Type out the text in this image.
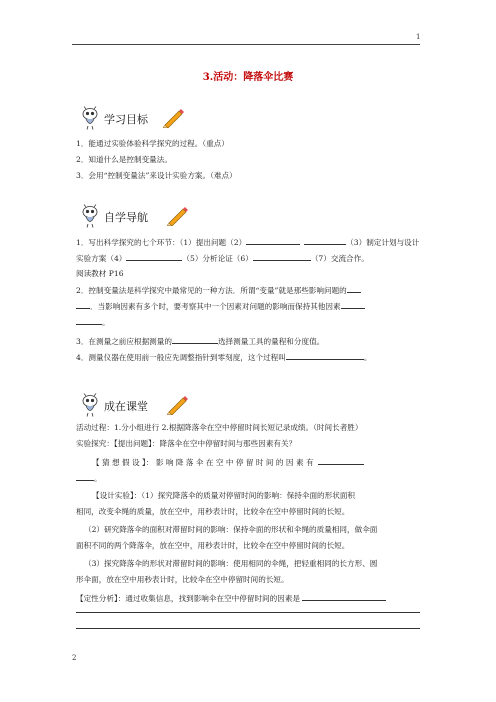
1
3.活动：降落伞比赛
学习目标
1．能通过实验体验科学探究的过程。（重点）
2．知道什么是控制变量法。
3．会用“控制变量法”来设计实验方案。（难点）
自学导航
1．写出科学探究的七个环节：（1）提出问题（2）	（3）制定计划与设计
实验方案（4）	（5）分析论证（6）	（7）交流合作。
阅读教材 P16
2．控制变量法是科学探究中最常见的一种方法．所谓“变量”就是那些影响问题的
．当影响因素有多个时，要考察其中一个因素对问题的影响而保持其他因素
。
3．在测量之前应根据测量的	选择测量工具的量程和分度值。
4．测量仪器在使用前一般应先调整指针到零刻度，这个过程叫	。
成在课堂
活动过程：1.分小组进行 2.根据降落伞在空中停留时间长短记录成绩。（时间长者胜）
实验探究：【提出问题】：降落伞在空中停留时间与那些因素有关？
【 猜 想 假 设 】： 影 响 降 落 伞 在 空 中 停 留 时 间 的 因 素 有
。
【设计实验】：（1）探究降落伞的质量对停留时间的影响：保持伞面的形状面积
相同，改变伞绳的质量，放在空中，用秒表计时，比较伞在空中停留时间的长短。
（2）研究降落伞的面积对滞留时间的影响：保持伞面的形状和伞绳的质量相同，做伞面
面积不同的两个降落伞，放在空中，用秒表计时，比较伞在空中停留时间的长短。
（3）探究降落伞的形状对滞留时间的影响：使用相同的伞绳，把轻重相同的长方形、圆
形伞面，放在空中用秒表计时，比较伞在空中停留时间的长短。
【定性分析】：通过收集信息，找到影响伞在空中停留时间的因素是
2
